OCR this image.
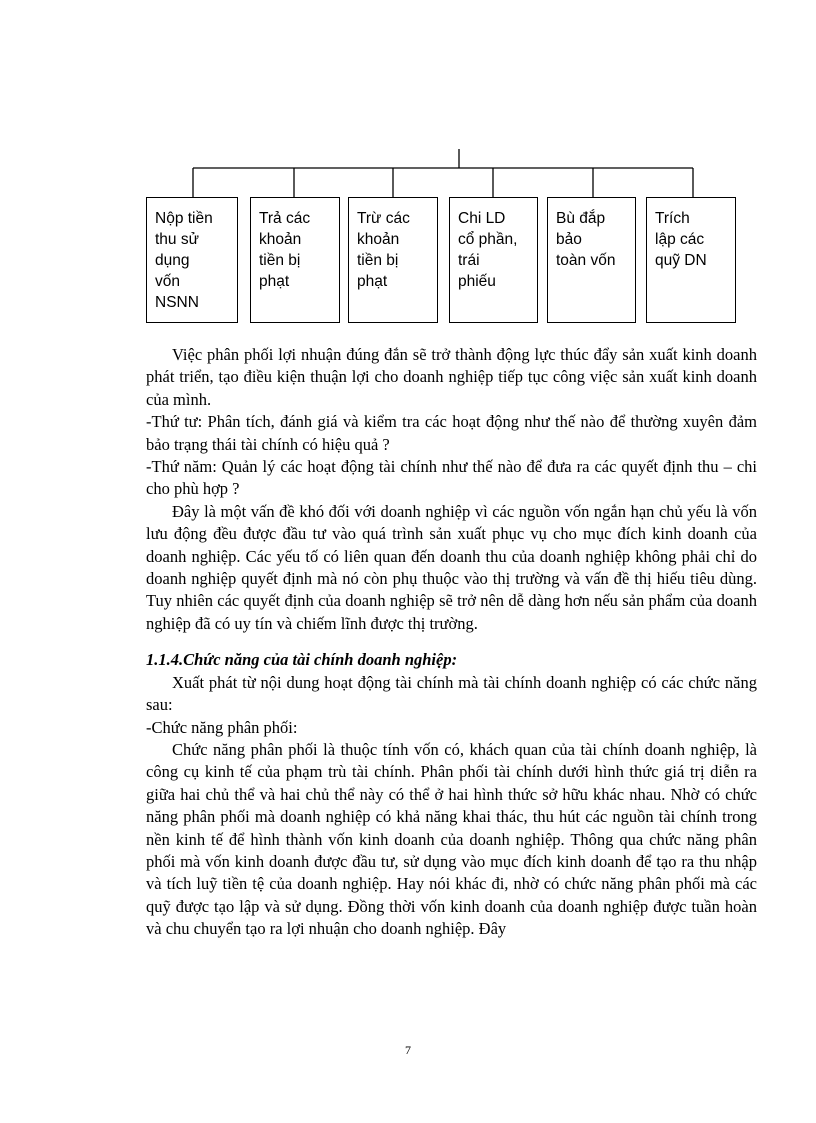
Nộp tiền
thu sử
dụng
vốn
NSNN
Trả các
khoản
tiền bị
phạt
Trừ các
khoản
tiền bị
phạt
Chi LD
cổ phần,
trái
phiếu
Bù đắp
bảo
toàn vốn
Trích
lập các
quỹ DN

Việc phân phối lợi nhuận đúng đắn sẽ trở thành động lực thúc đẩy sản xuất kinh doanh phát triển, tạo điều kiện thuận lợi cho doanh nghiệp tiếp tục công việc sản xuất kinh doanh của mình.

-Thứ tư: Phân tích, đánh giá và kiểm tra các hoạt động như thế nào để thường xuyên đảm bảo trạng thái tài chính có hiệu quả ?

-Thứ năm: Quản lý các hoạt động tài chính như thế nào để đưa ra các quyết định thu – chi cho phù hợp ?

Đây là một vấn đề khó đối với doanh nghiệp vì các nguồn vốn ngắn hạn chủ yếu là vốn lưu động đều được đầu tư vào quá trình sản xuất phục vụ cho mục đích kinh doanh của doanh nghiệp. Các yếu tố có liên quan đến doanh thu của doanh nghiệp không phải chỉ do doanh nghiệp quyết định mà nó còn phụ thuộc vào thị trường và vấn đề thị hiếu tiêu dùng. Tuy nhiên các quyết định của doanh nghiệp sẽ trở nên dễ dàng hơn nếu sản phẩm của doanh nghiệp đã có uy tín và chiếm lĩnh được thị trường.

1.1.4.Chức năng của tài chính doanh nghiệp:

Xuất phát từ nội dung hoạt động tài chính mà tài chính doanh nghiệp có các chức năng sau:

-Chức năng phân phối:

Chức năng phân phối là thuộc tính vốn có, khách quan của tài chính doanh nghiệp, là công cụ kinh tế của phạm trù tài chính. Phân phối tài chính dưới hình thức giá trị diễn ra giữa hai chủ thể và hai chủ thể này có thể ở hai hình thức sở hữu khác nhau. Nhờ có chức năng phân phối mà doanh nghiệp có khả năng khai thác, thu hút các nguồn tài chính trong nền kinh tế để hình thành vốn kinh doanh của doanh nghiệp. Thông qua chức năng phân phối mà vốn kinh doanh được đầu tư, sử dụng vào mục đích kinh doanh để tạo ra thu nhập và tích luỹ tiền tệ của doanh nghiệp. Hay nói khác đi, nhờ có chức năng phân phối mà các quỹ được tạo lập và sử dụng. Đồng thời vốn kinh doanh của doanh nghiệp được tuần hoàn và chu chuyển tạo ra lợi nhuận cho doanh nghiệp. Đây

7
